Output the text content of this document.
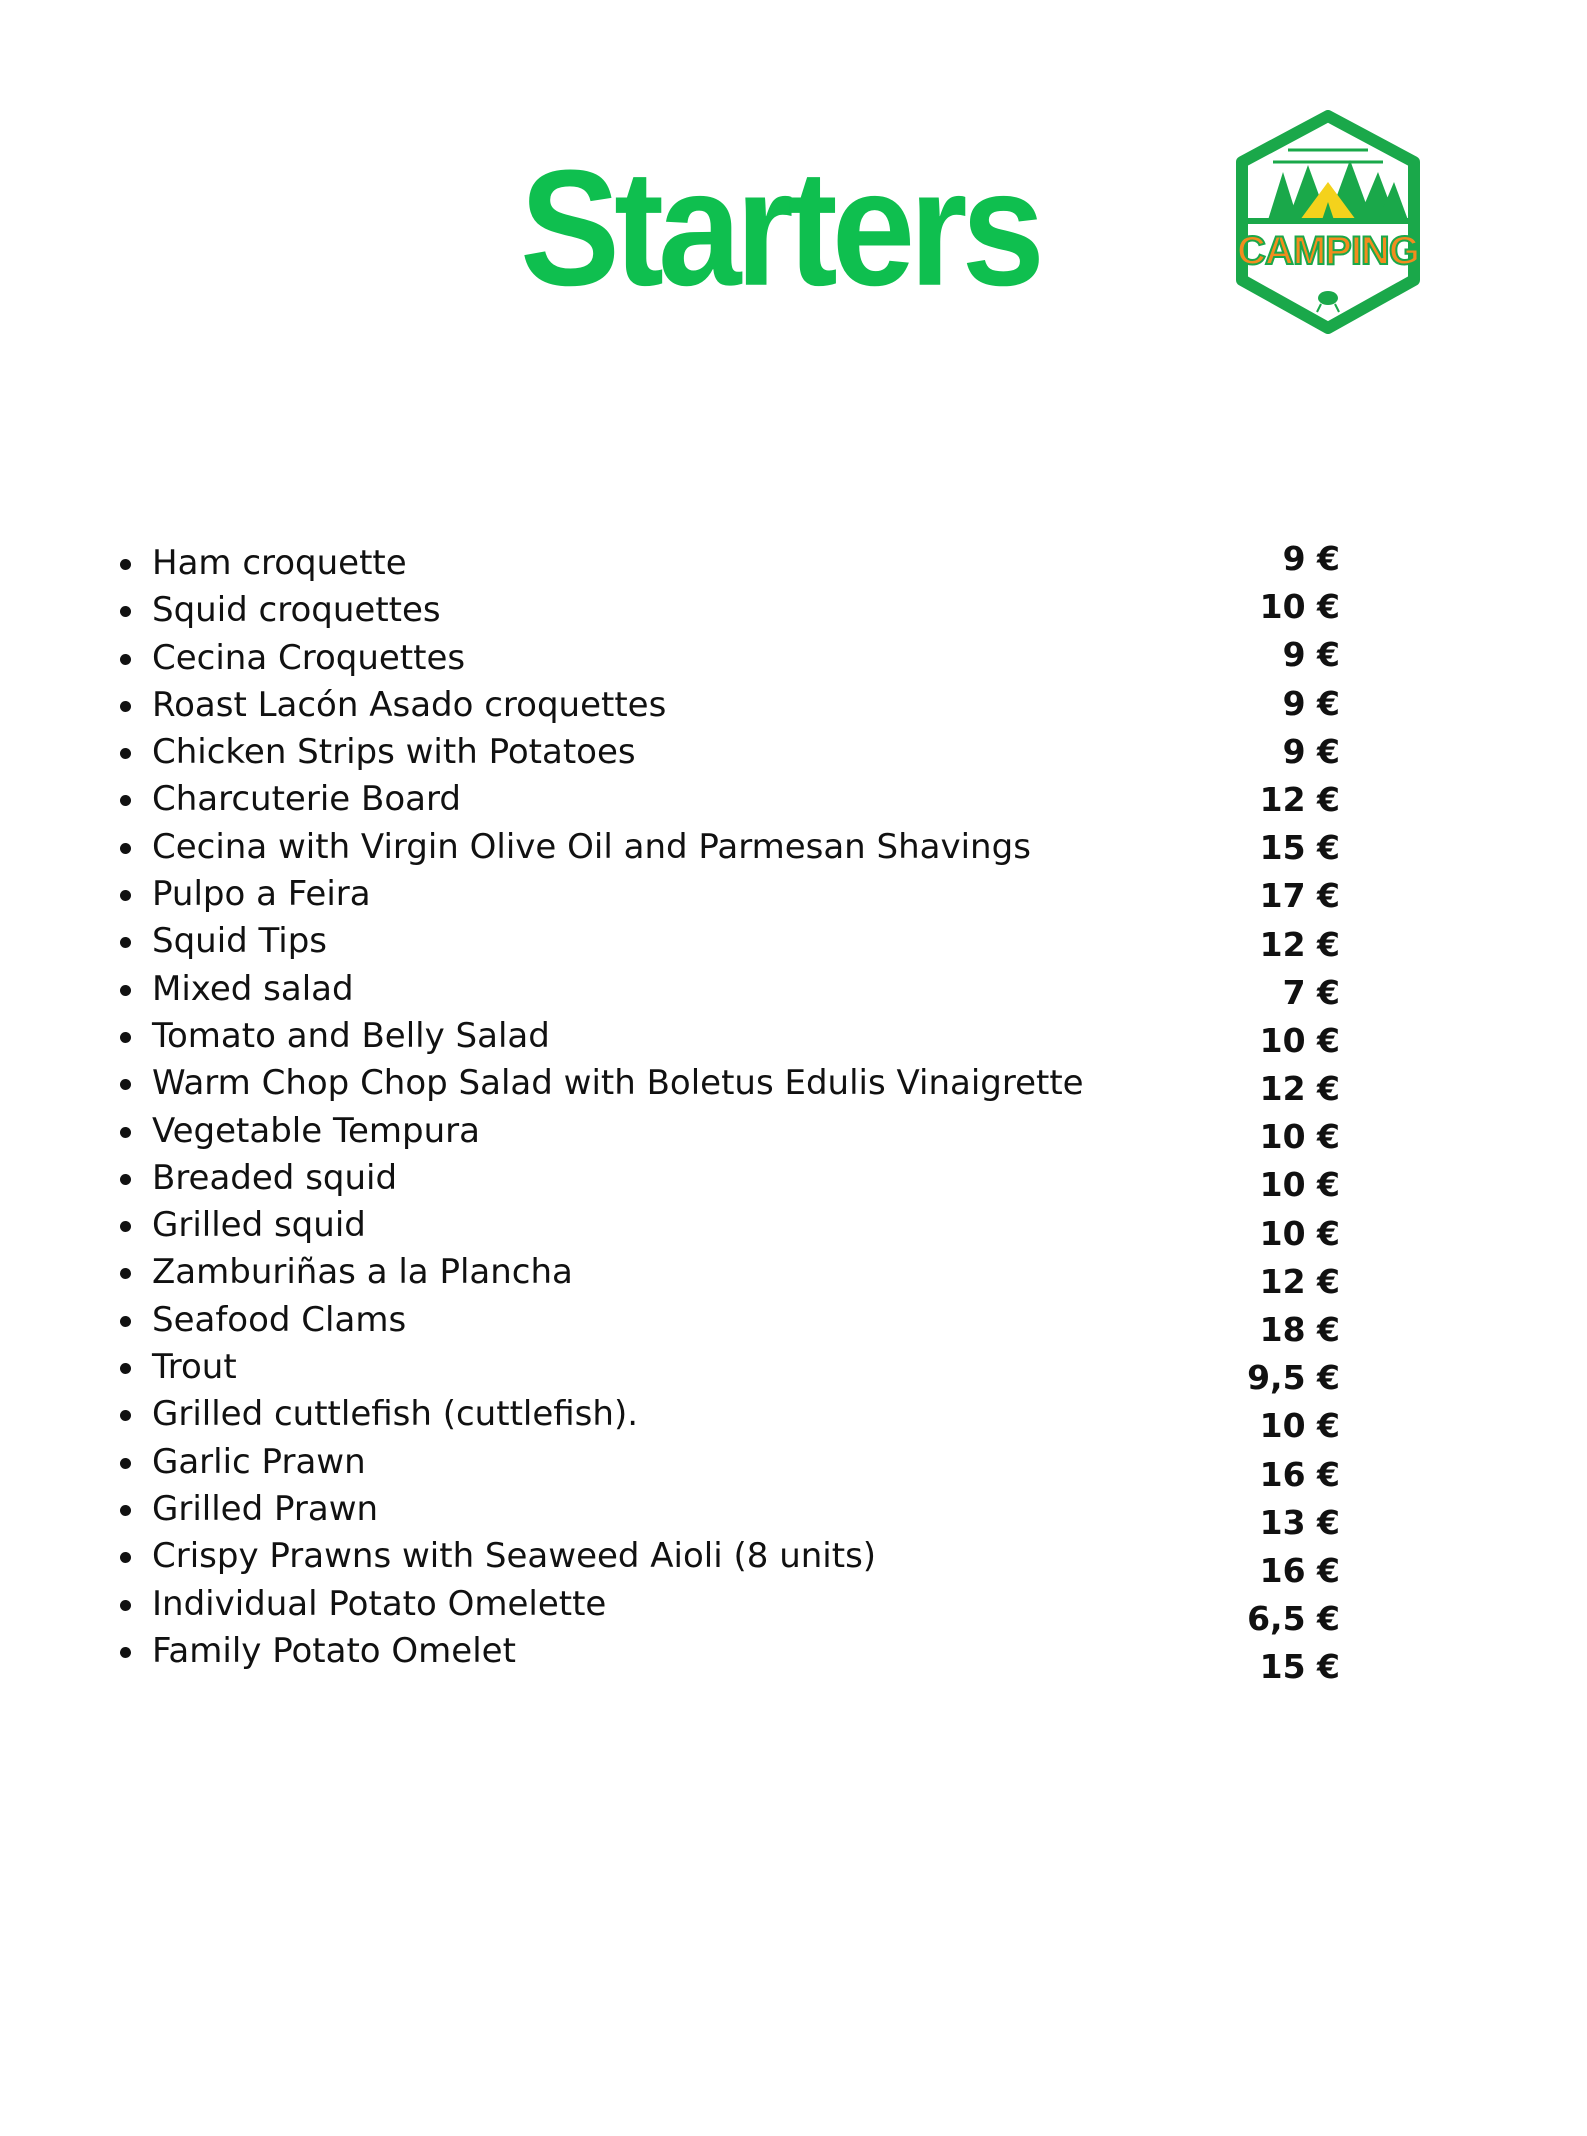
Starters	CAMPING
Ham croquette
Squid croquettes
Cecina Croquettes
Roast Lacón Asado croquettes
Chicken Strips with Potatoes
Charcuterie Board
Cecina with Virgin Olive Oil and Parmesan Shavings
Pulpo a Feira
Squid Tips
Mixed salad
Tomato and Belly Salad
Warm Chop Chop Salad with Boletus Edulis Vinaigrette
Vegetable Tempura
Breaded squid
Grilled squid
Zamburiñas a la Plancha
Seafood Clams
Trout
Grilled cuttlefish (cuttlefish).
Garlic Prawn
Grilled Prawn
Crispy Prawns with Seaweed Aioli (8 units)
Individual Potato Omelette
Family Potato Omelet
9 €
10 €
9 €
9 €
9 €
12 €
15 €
17 €
12 €
7 €
10 €
12 €
10 €
10 €
10 €
12 €
18 €
9,5 €
10 €
16 €
13 €
16 €
6,5 €
15 €
